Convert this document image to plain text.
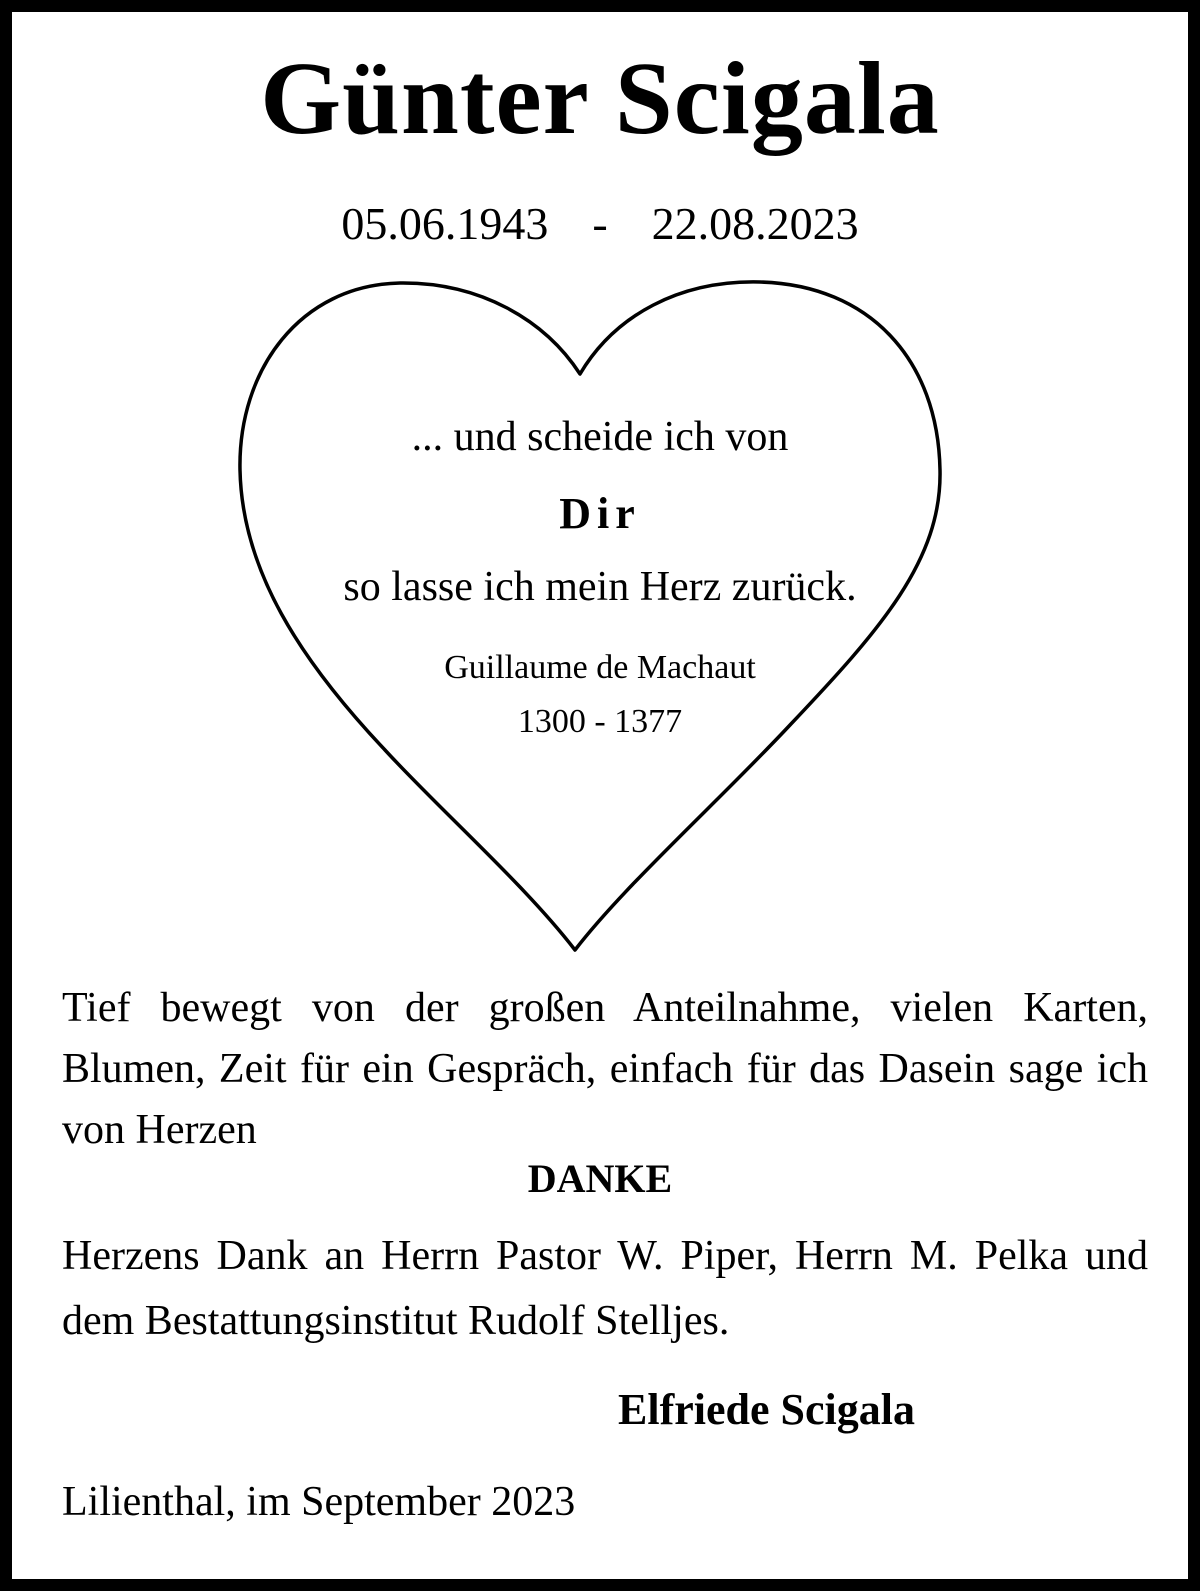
Günter Scigala
05.06.1943 - 22.08.2023
... und scheide ich von
Dir
so lasse ich mein Herz zurück.
Guillaume de Machaut
1300 - 1377
Tief bewegt von der großen Anteilnahme, vielen Karten, Blumen, Zeit für ein Gespräch, einfach für das Dasein sage ich von Herzen
DANKE
Herzens Dank an Herrn Pastor W. Piper, Herrn M. Pelka und dem Bestattungsinstitut Rudolf Stelljes.
Elfriede Scigala
Lilienthal, im September 2023
